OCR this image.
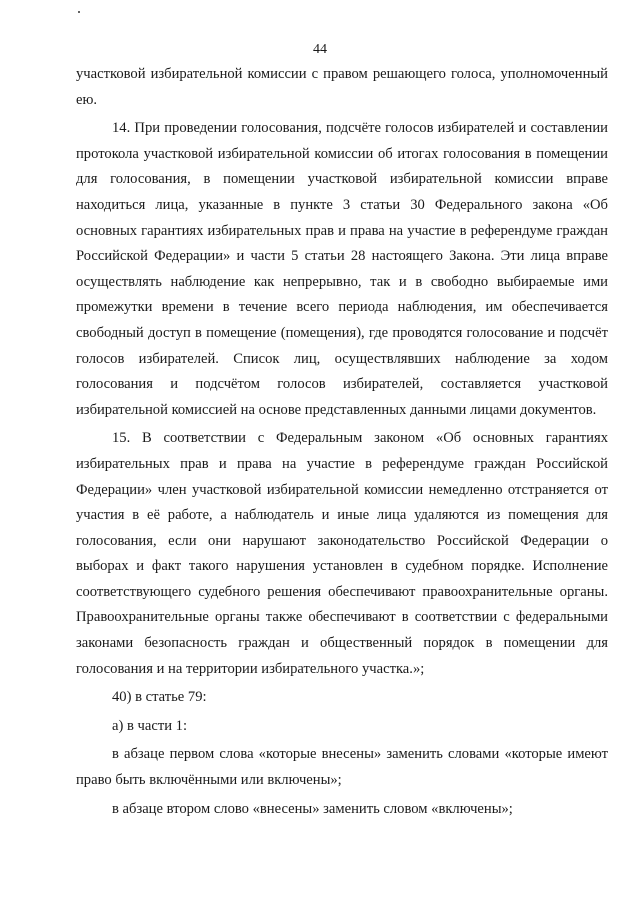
44

участковой избирательной комиссии с правом решающего голоса, уполномоченный ею.

14. При проведении голосования, подсчёте голосов избирателей и составлении протокола участковой избирательной комиссии об итогах голосования в помещении для голосования, в помещении участковой избирательной комиссии вправе находиться лица, указанные в пункте 3 статьи 30 Федерального закона «Об основных гарантиях избирательных прав и права на участие в референдуме граждан Российской Федерации» и части 5 статьи 28 настоящего Закона. Эти лица вправе осуществлять наблюдение как непрерывно, так и в свободно выбираемые ими промежутки времени в течение всего периода наблюдения, им обеспечивается свободный доступ в помещение (помещения), где проводятся голосование и подсчёт голосов избирателей. Список лиц, осуществлявших наблюдение за ходом голосования и подсчётом голосов избирателей, составляется участковой избирательной комиссией на основе представленных данными лицами документов.

15. В соответствии с Федеральным законом «Об основных гарантиях избирательных прав и права на участие в референдуме граждан Российской Федерации» член участковой избирательной комиссии немедленно отстраняется от участия в её работе, а наблюдатель и иные лица удаляются из помещения для голосования, если они нарушают законодательство Российской Федерации о выборах и факт такого нарушения установлен в судебном порядке. Исполнение соответствующего судебного решения обеспечивают правоохранительные органы. Правоохранительные органы также обеспечивают в соответствии с федеральными законами безопасность граждан и общественный порядок в помещении для голосования и на территории избирательного участка.»;

40) в статье 79:

а) в части 1:

в абзаце первом слова «которые внесены» заменить словами «которые имеют право быть включёнными или включены»;

в абзаце втором слово «внесены» заменить словом «включены»;
